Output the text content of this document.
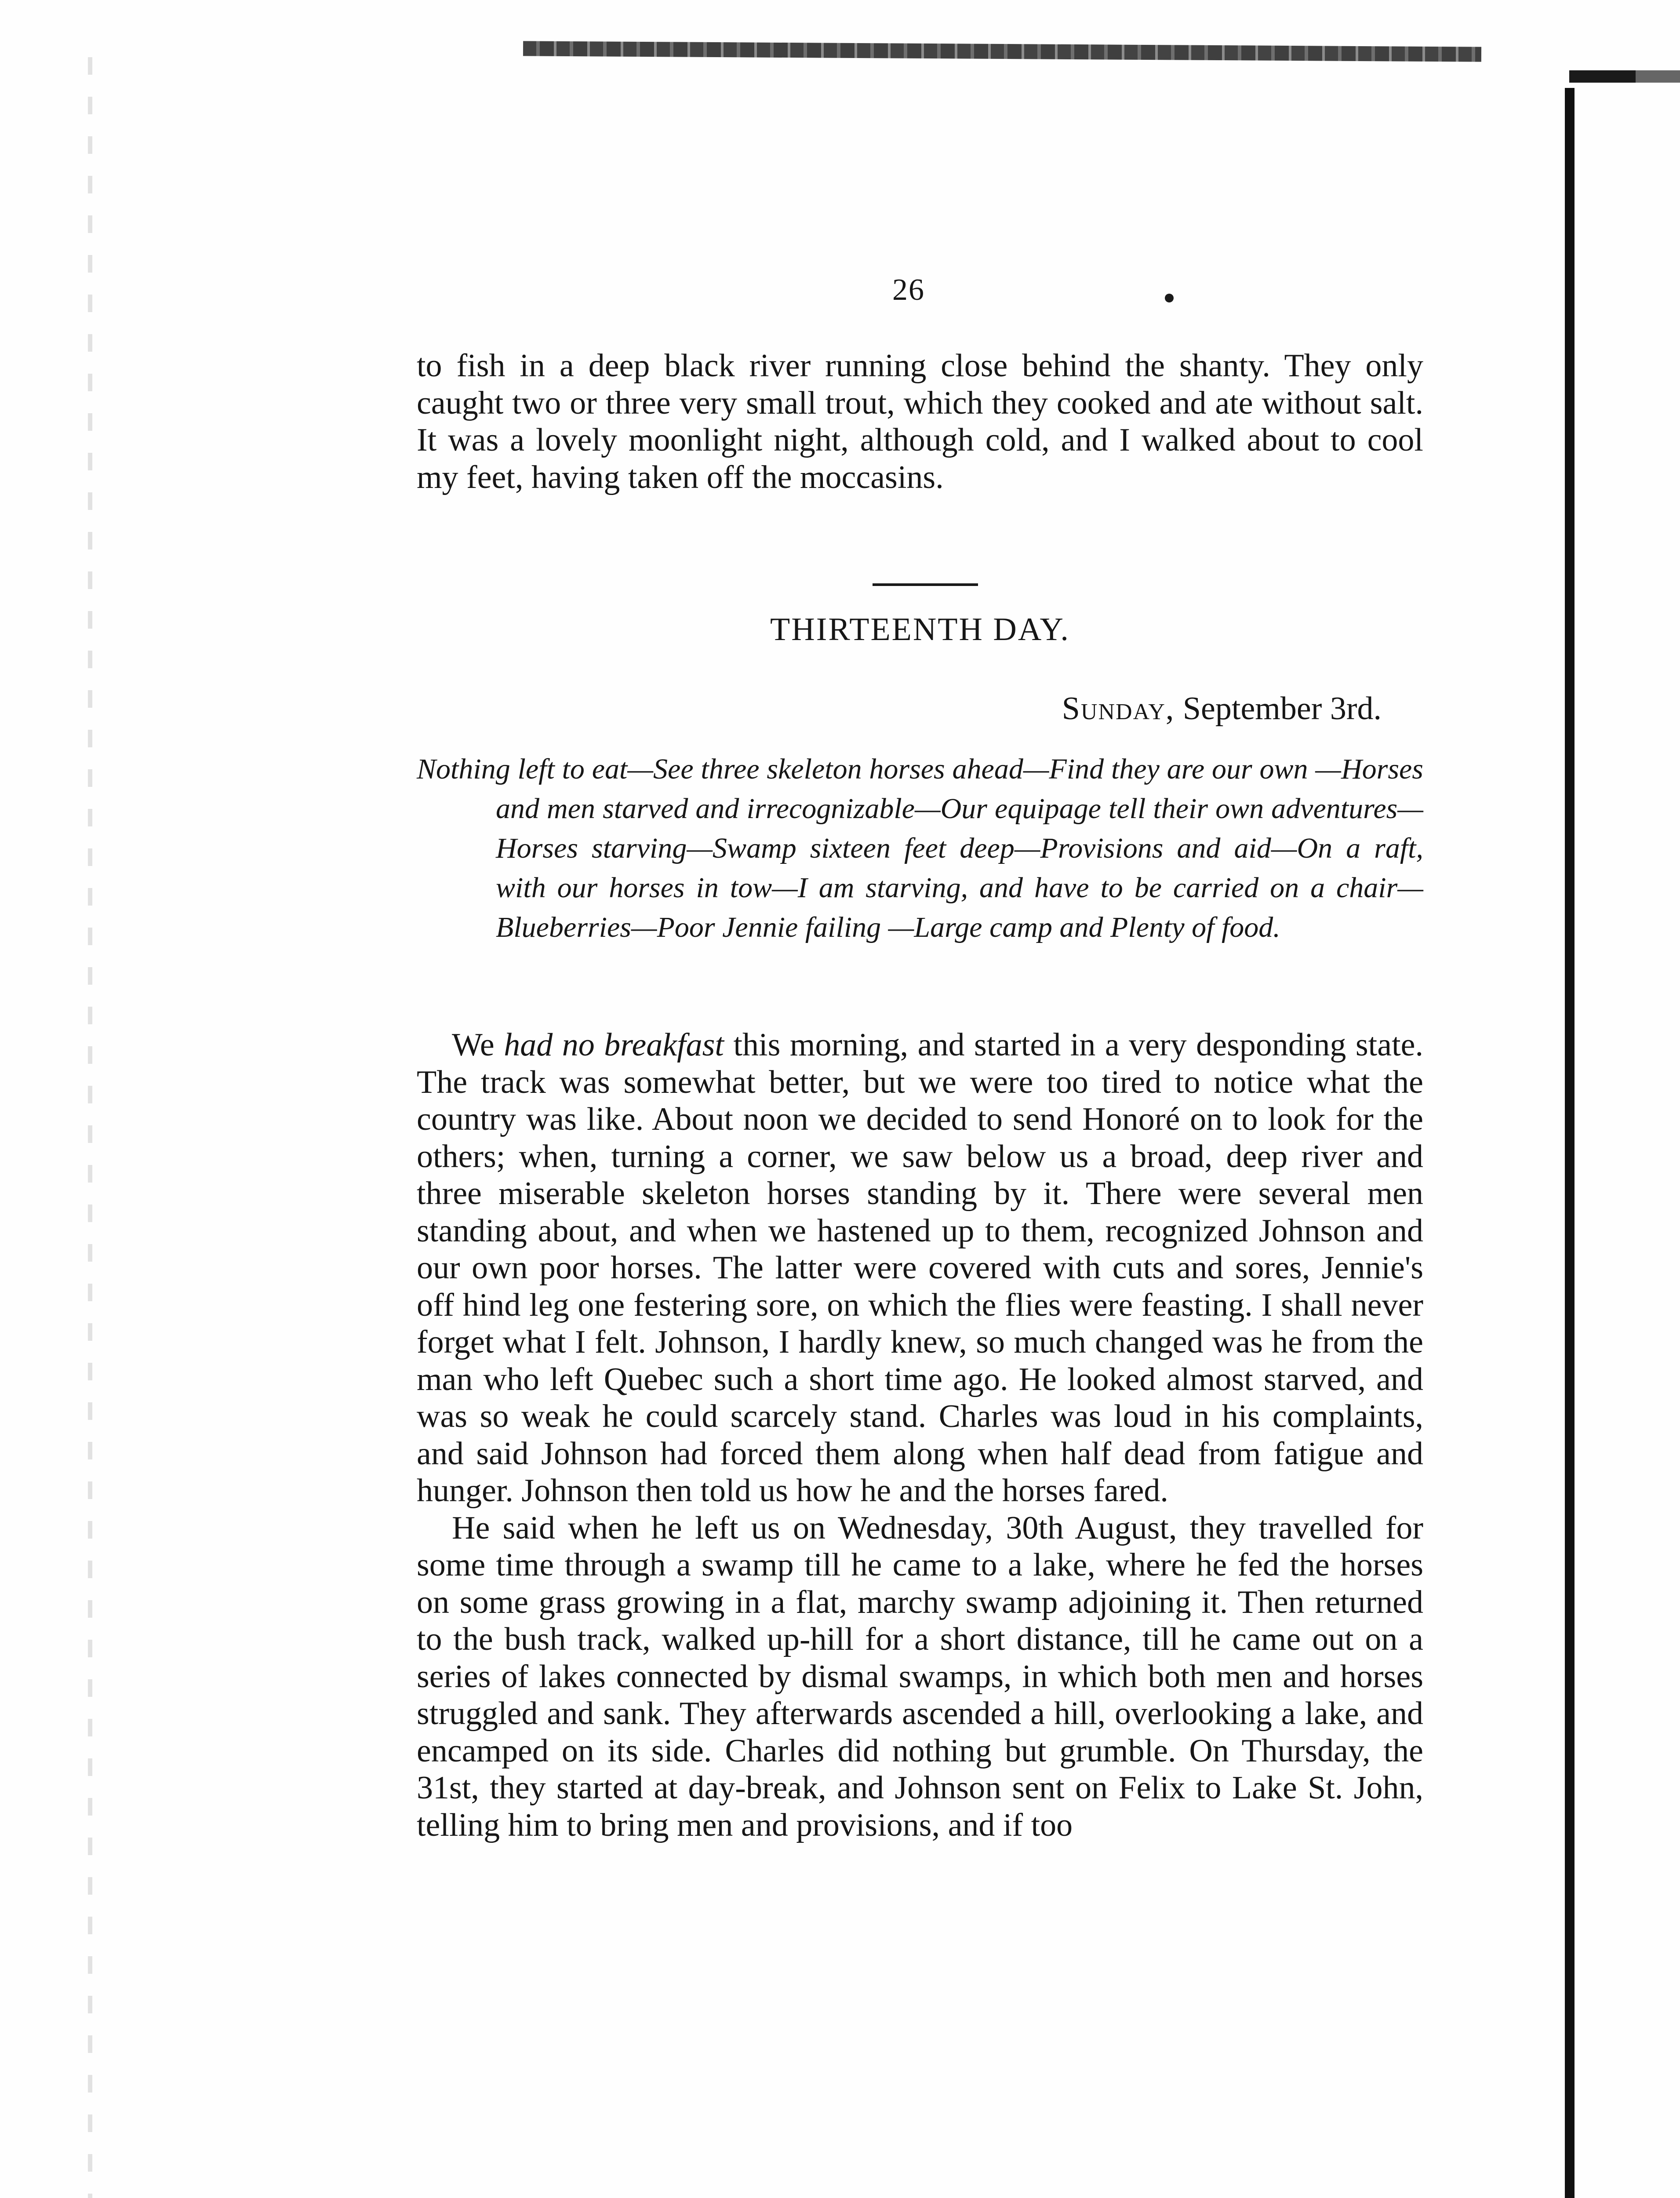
26

to fish in a deep black river running close behind the shanty. They only caught two or three very small trout, which they cooked and ate without salt. It was a lovely moonlight night, although cold, and I walked about to cool my feet, having taken off the moccasins.

THIRTEENTH DAY.
Sunday, September 3rd.

Nothing left to eat—See three skeleton horses ahead—Find they are our own —Horses and men starved and irrecognizable—Our equipage tell their own adventures—Horses starving—Swamp sixteen feet deep—Provisions and aid—On a raft, with our horses in tow—I am starving, and have to be carried on a chair—Blueberries—Poor Jennie failing —Large camp and Plenty of food.

We had no breakfast this morning, and started in a very desponding state. The track was somewhat better, but we were too tired to notice what the country was like. About noon we decided to send Honoré on to look for the others; when, turning a corner, we saw below us a broad, deep river and three miserable skeleton horses standing by it. There were several men standing about, and when we hastened up to them, recognized Johnson and our own poor horses. The latter were covered with cuts and sores, Jennie's off hind leg one festering sore, on which the flies were feasting. I shall never forget what I felt. Johnson, I hardly knew, so much changed was he from the man who left Quebec such a short time ago. He looked almost starved, and was so weak he could scarcely stand. Charles was loud in his complaints, and said Johnson had forced them along when half dead from fatigue and hunger. Johnson then told us how he and the horses fared.

He said when he left us on Wednesday, 30th August, they travelled for some time through a swamp till he came to a lake, where he fed the horses on some grass growing in a flat, marchy swamp adjoining it. Then returned to the bush track, walked up-hill for a short distance, till he came out on a series of lakes connected by dismal swamps, in which both men and horses struggled and sank. They afterwards ascended a hill, overlooking a lake, and encamped on its side. Charles did nothing but grumble. On Thursday, the 31st, they started at day-break, and Johnson sent on Felix to Lake St. John, telling him to bring men and provisions, and if too
